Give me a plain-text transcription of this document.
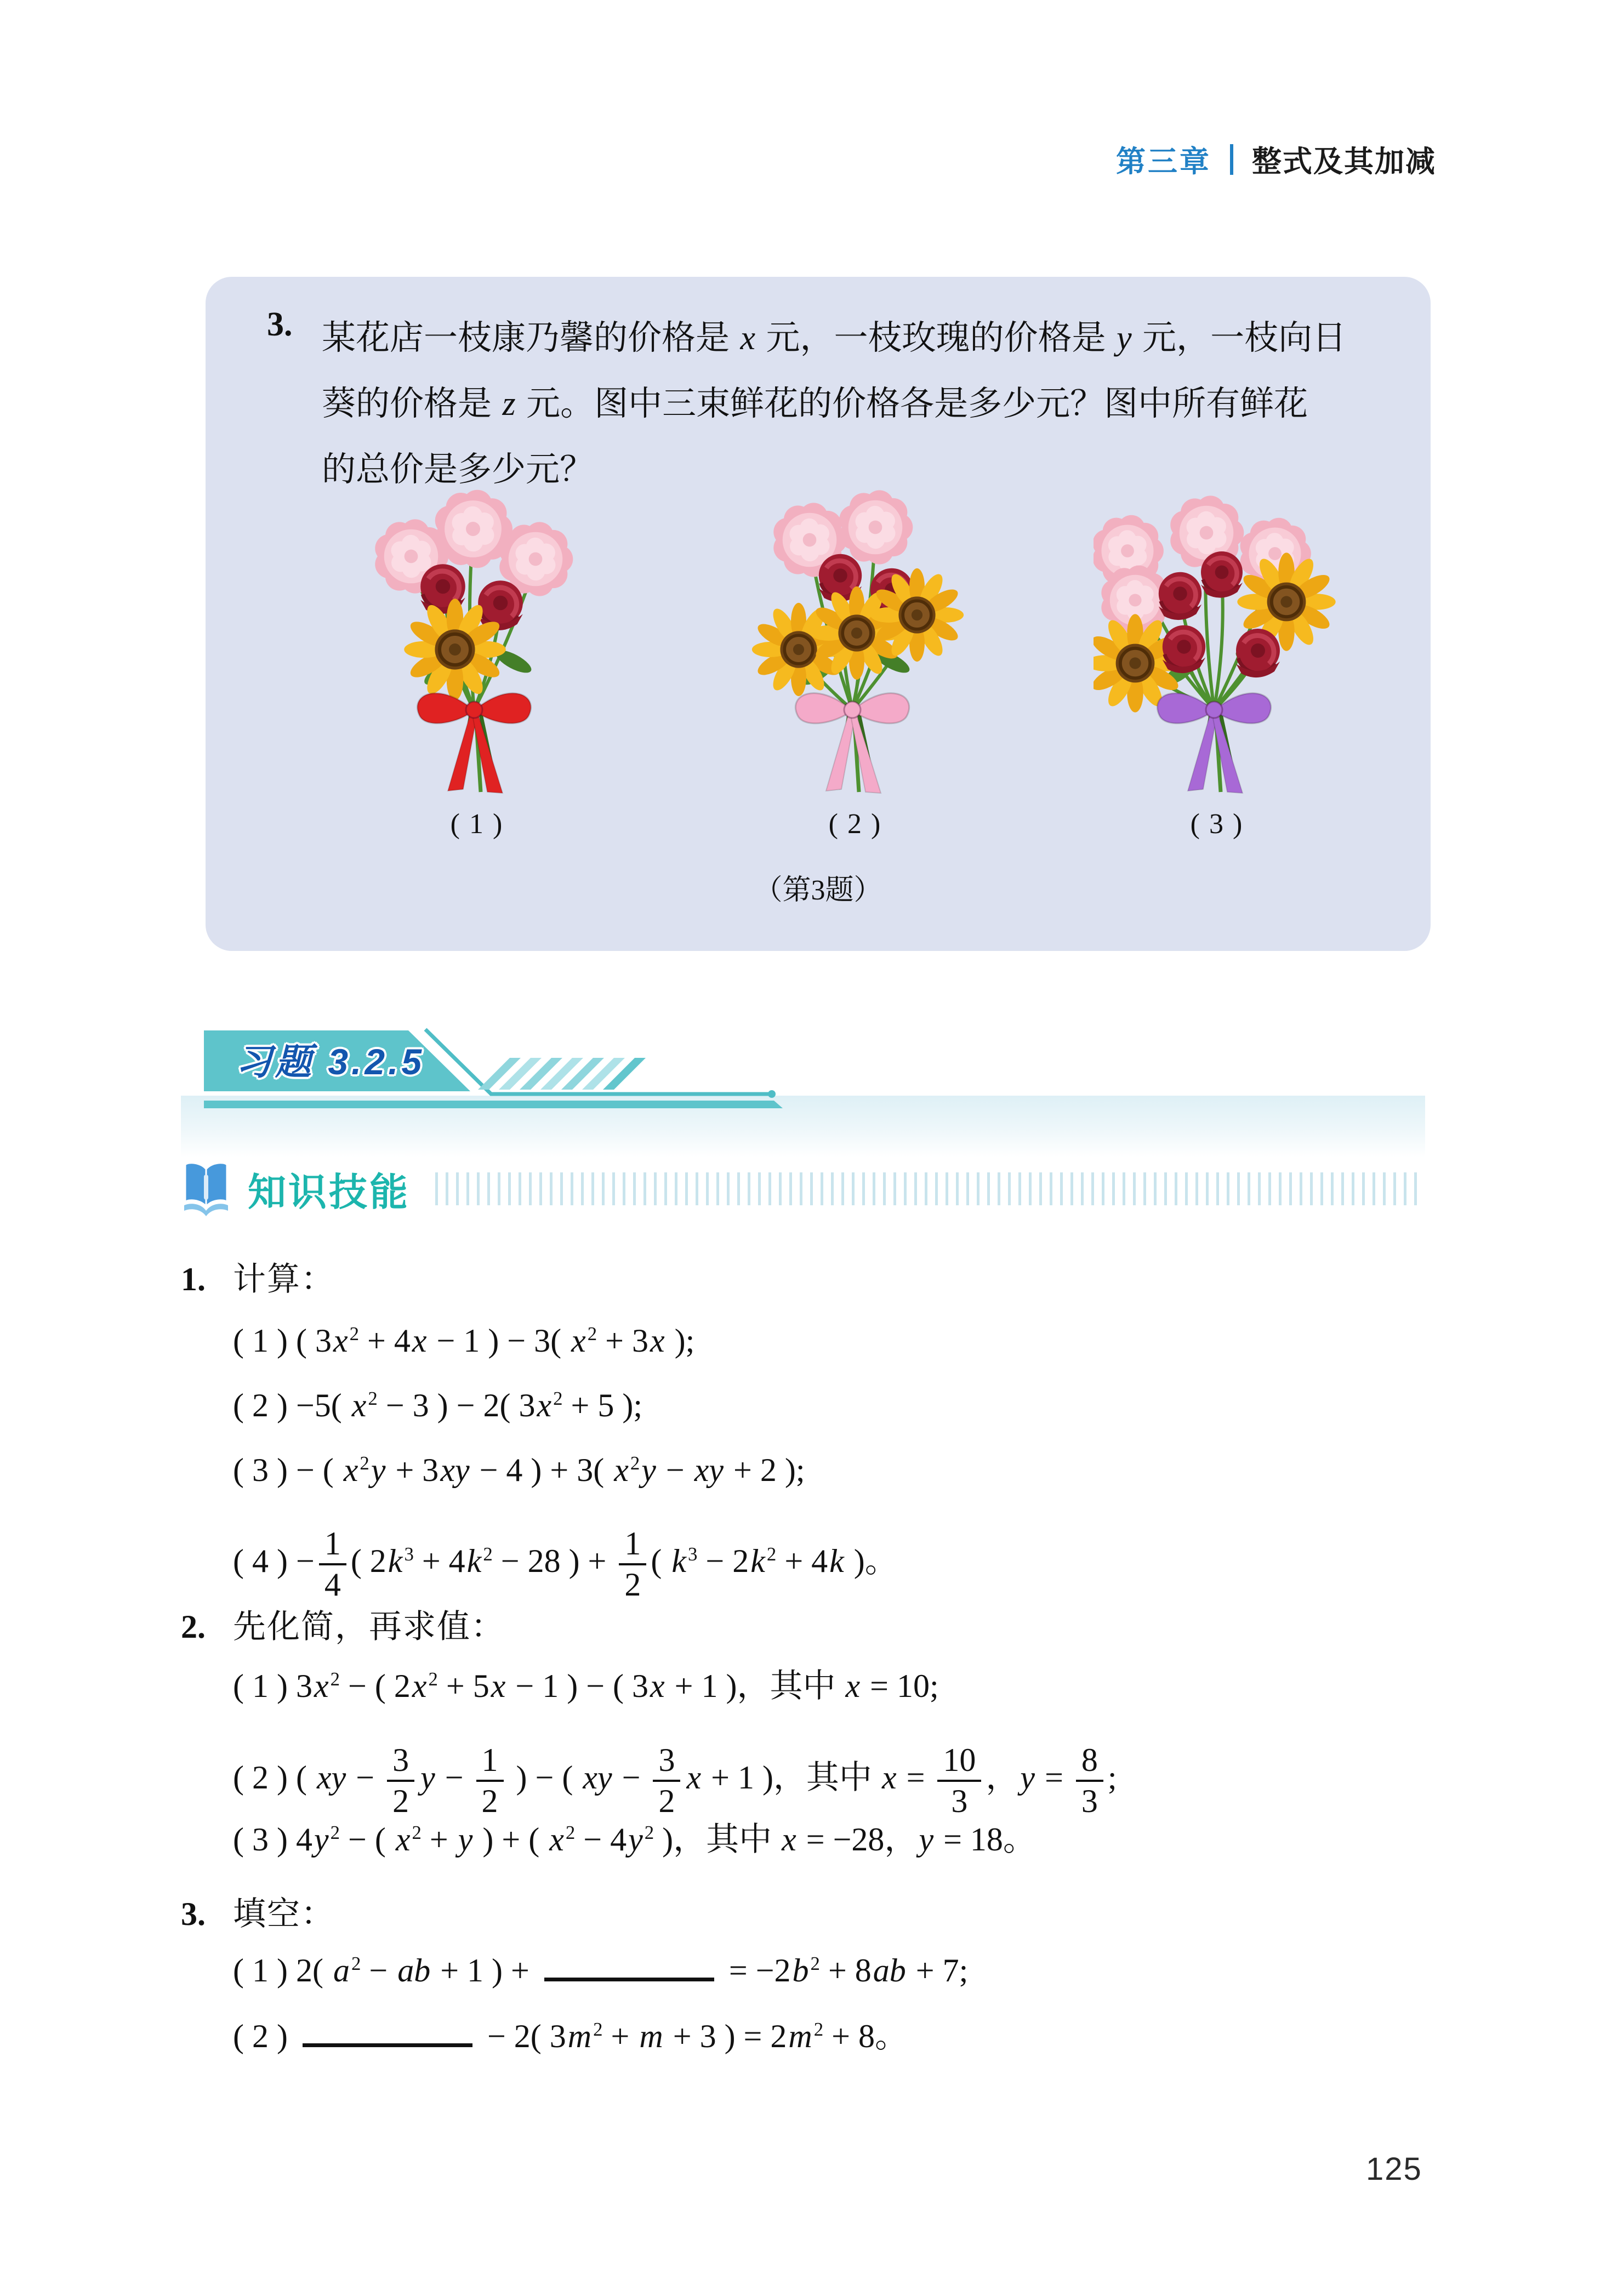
第三章 整式及其加减
3. 某花店一枝康乃馨的价格是 x 元，一枝玫瑰的价格是 y 元，一枝向日
葵的价格是 z 元。图中三束鲜花的价格各是多少元？图中所有鲜花
的总价是多少元？
( 1 )	( 2 )	( 3 )
（第3题）
习题 3.2.5
知识技能
1. 计算：
( 1 ) ( $3x^2 + 4x - 1$ ) − 3( $x^2 + 3x$ );
( 2 ) −5( $x^2 - 3$ ) − 2( $3x^2 + 5$ );
( 3 ) − ( $x^2y + 3xy - 4$ ) + 3( $x^2y$ − xy + 2 );
( 4 ) − $\frac{1}{4}$ ( $2k^3 + 4k^2 - 28$ ) + $\frac{1}{2}$ ( $k^3 - 2k^2 + 4k$ )。
2. 先化简，再求值：
( 1 ) $3x^2$ − ( $2x^2 + 5x - 1$ ) − ( 3x + 1 )，其中 x = 10;
( 2 ) ( xy − $\frac{3}{2}$ $y - \frac{1}{2}$ ) − ( xy − $\frac{3}{2}$ x + 1 )，其中 $x = \frac{10}{3}$ ，$y = \frac{8}{3}$ ;
( 3 ) $4y^2$ − ( $x^2 + y$ ) + ( $x^2 - 4y^2$ )，其中 x = −28，y = 18。
3. 填空：
( 1 ) 2( $a^2$ − ab + 1 ) +	= $-2b^2 + 8ab + 7$;
( 2 )	− 2( $3m^2 + m + 3$ ) = $2m^2 + 8$。
125
